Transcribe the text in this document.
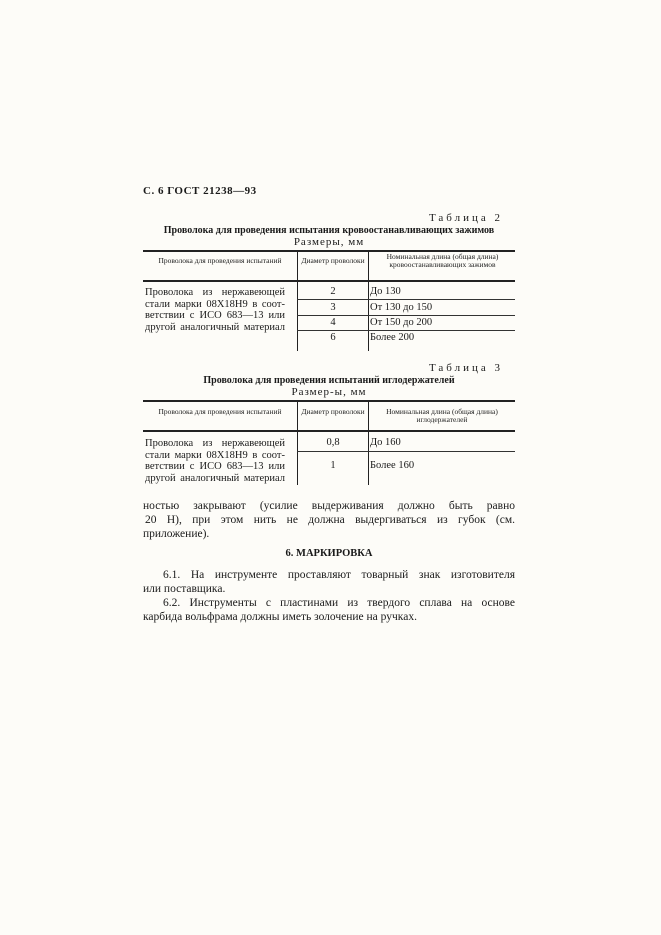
С. 6 ГОСТ 21238—93
Таблица 2
Проволока для проведения испытания кровоостанавливающих зажимов
Размеры, мм
Проволока для проведения испытаний	Диаметр проволоки	Номинальная длина (общая длина) кровоостанавливающих зажимов
Проволока из нержавеющей
стали марки 08Х18Н9 в соот-
ветствии с ИСО 683—13 или
другой аналогичный материал
2	До 130
3	От 130 до 150
4	От 150 до 200
6	Более 200
Таблица 3
Проволока для проведения испытаний иглодержателей
Размер-ы, мм
Проволока для проведения испытаний	Диаметр проволоки	Номинальная длина (общая длина) иглодержателей
Проволока из нержавеющей
стали марки 08Х18Н9 в соот-
ветствии с ИСО 683—13 или
другой аналогичный материал
0,8	До 160
1	Более 160
ностью закрывают (усилие выдерживания должно быть равно
20 Н), при этом нить не должна выдергиваться из губок (см.
приложение).
6. МАРКИРОВКА
6.1. На инструменте проставляют товарный знак изготовителя
или поставщика.
6.2. Инструменты с пластинами из твердого сплава на основе
карбида вольфрама должны иметь золочение на ручках.
